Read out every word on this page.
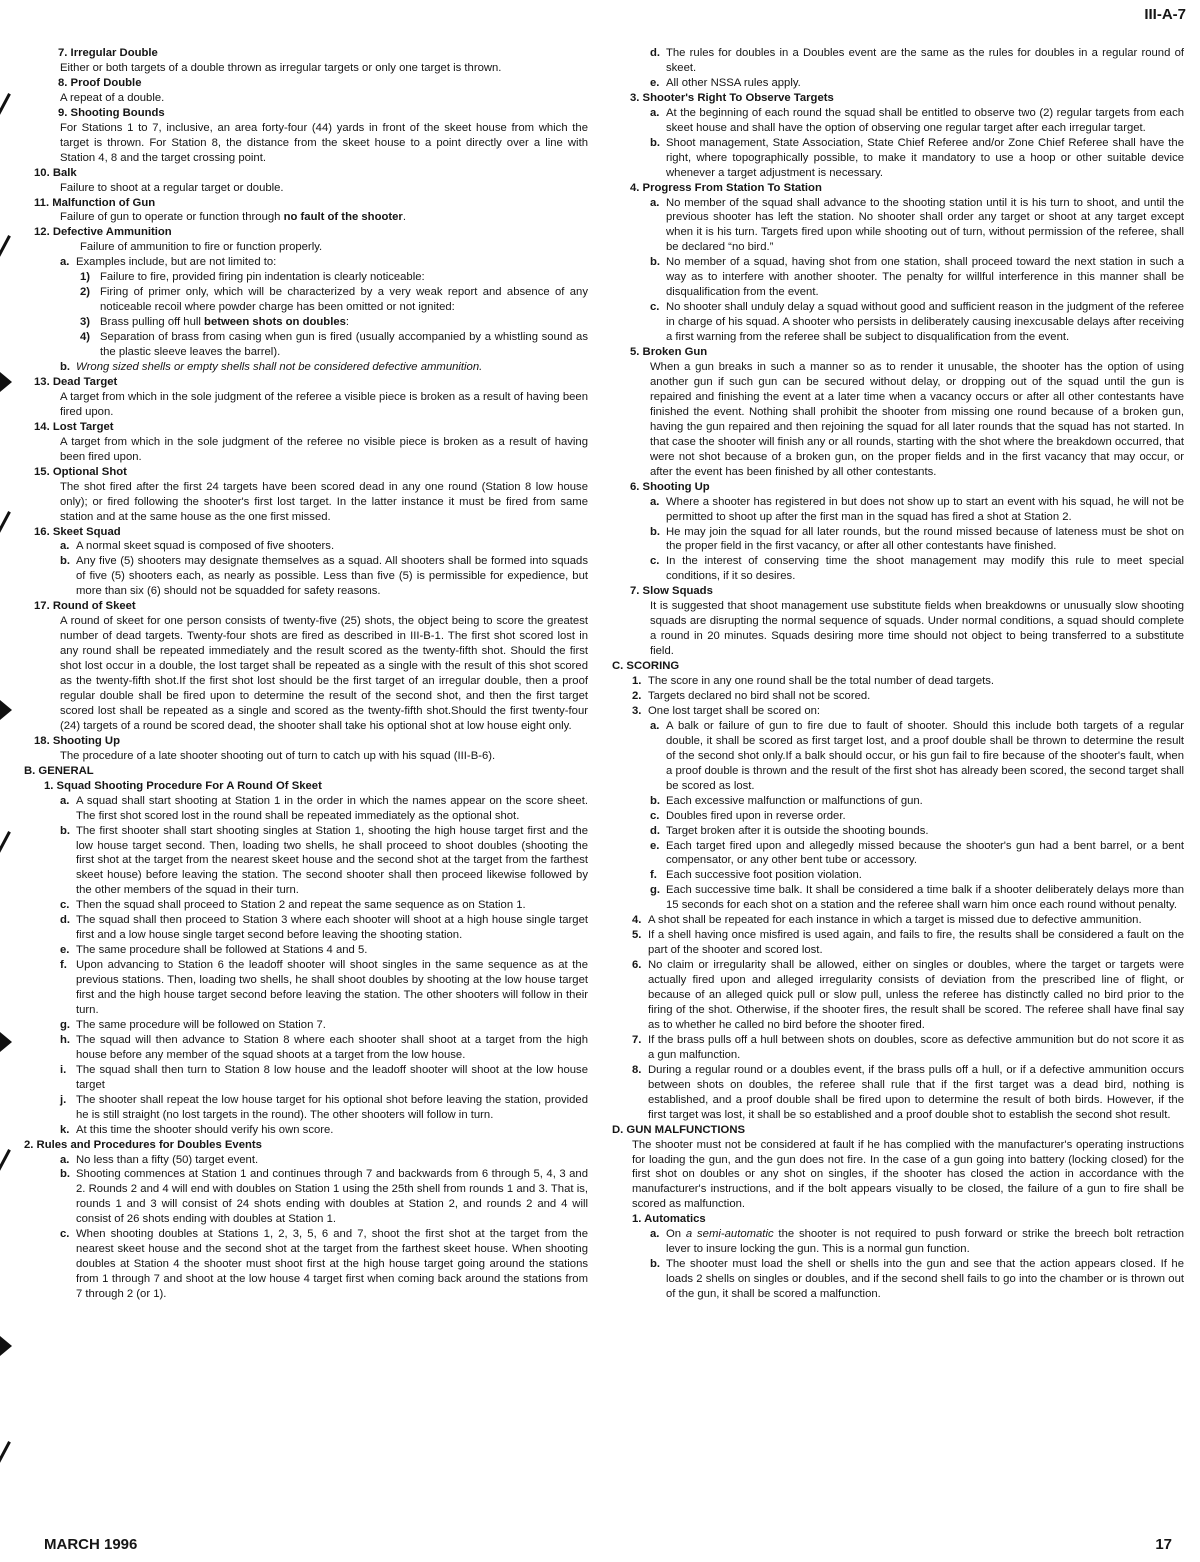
III-A-7
7. Irregular Double
Either or both targets of a double thrown as irregular targets or only one target is thrown.
8. Proof Double
A repeat of a double.
9. Shooting Bounds
For Stations 1 to 7, inclusive, an area forty-four (44) yards in front of the skeet house from which the target is thrown. For Station 8, the distance from the skeet house to a point directly over a line with Station 4, 8 and the target crossing point.
10. Balk
Failure to shoot at a regular target or double.
11. Malfunction of Gun
Failure of gun to operate or function through no fault of the shooter.
12. Defective Ammunition
Failure of ammunition to fire or function properly.
a. Examples include, but are not limited to:
1) Failure to fire, provided firing pin indentation is clearly noticeable:
2) Firing of primer only, which will be characterized by a very weak report and absence of any noticeable recoil where powder charge has been omitted or not ignited:
3) Brass pulling off hull between shots on doubles:
4) Separation of brass from casing when gun is fired (usually accompanied by a whistling sound as the plastic sleeve leaves the barrel).
b. Wrong sized shells or empty shells shall not be considered defective ammunition.
13. Dead Target
A target from which in the sole judgment of the referee a visible piece is broken as a result of having been fired upon.
14. Lost Target
A target from which in the sole judgment of the referee no visible piece is broken as a result of having been fired upon.
15. Optional Shot
The shot fired after the first 24 targets have been scored dead in any one round (Station 8 low house only); or fired following the shooter's first lost target. In the latter instance it must be fired from same station and at the same house as the one first missed.
16. Skeet Squad
a. A normal skeet squad is composed of five shooters.
b. Any five (5) shooters may designate themselves as a squad. All shooters shall be formed into squads of five (5) shooters each, as nearly as possible. Less than five (5) is permissible for expedience, but more than six (6) should not be squadded for safety reasons.
17. Round of Skeet
A round of skeet for one person consists of twenty-five (25) shots, the object being to score the greatest number of dead targets. Twenty-four shots are fired as described in III-B-1. The first shot scored lost in any round shall be repeated immediately and the result scored as the twenty-fifth shot. Should the first shot lost occur in a double, the lost target shall be repeated as a single with the result of this shot scored as the twenty-fifth shot.If the first shot lost should be the first target of an irregular double, then a proof regular double shall be fired upon to determine the result of the second shot, and then the first target scored lost shall be repeated as a single and scored as the twenty-fifth shot.Should the first twenty-four (24) targets of a round be scored dead, the shooter shall take his optional shot at low house eight only.
18. Shooting Up
The procedure of a late shooter shooting out of turn to catch up with his squad (III-B-6).
B. GENERAL
1. Squad Shooting Procedure For A Round Of Skeet
a. A squad shall start shooting at Station 1 in the order in which the names appear on the score sheet. The first shot scored lost in the round shall be repeated immediately as the optional shot.
b. The first shooter shall start shooting singles at Station 1, shooting the high house target first and the low house target second. Then, loading two shells, he shall proceed to shoot doubles (shooting the first shot at the target from the nearest skeet house and the second shot at the target from the farthest skeet house) before leaving the station. The second shooter shall then proceed likewise followed by the other members of the squad in their turn.
c. Then the squad shall proceed to Station 2 and repeat the same sequence as on Station 1.
d. The squad shall then proceed to Station 3 where each shooter will shoot at a high house single target first and a low house single target second before leaving the shooting station.
e. The same procedure shall be followed at Stations 4 and 5.
f. Upon advancing to Station 6 the leadoff shooter will shoot singles in the same sequence as at the previous stations. Then, loading two shells, he shall shoot doubles by shooting at the low house target first and the high house target second before leaving the station. The other shooters will follow in their turn.
g. The same procedure will be followed on Station 7.
h. The squad will then advance to Station 8 where each shooter shall shoot at a target from the high house before any member of the squad shoots at a target from the low house.
i. The squad shall then turn to Station 8 low house and the leadoff shooter will shoot at the low house target
j. The shooter shall repeat the low house target for his optional shot before leaving the station, provided he is still straight (no lost targets in the round). The other shooters will follow in turn.
k. At this time the shooter should verify his own score.
2. Rules and Procedures for Doubles Events
a. No less than a fifty (50) target event.
b. Shooting commences at Station 1 and continues through 7 and backwards from 6 through 5, 4, 3 and 2. Rounds 2 and 4 will end with doubles on Station 1 using the 25th shell from rounds 1 and 3. That is, rounds 1 and 3 will consist of 24 shots ending with doubles at Station 2, and rounds 2 and 4 will consist of 26 shots ending with doubles at Station 1.
c. When shooting doubles at Stations 1, 2, 3, 5, 6 and 7, shoot the first shot at the target from the nearest skeet house and the second shot at the target from the farthest skeet house. When shooting doubles at Station 4 the shooter must shoot first at the high house target going around the stations from 1 through 7 and shoot at the low house 4 target first when coming back around the stations from 7 through 2 (or 1).
d. The rules for doubles in a Doubles event are the same as the rules for doubles in a regular round of skeet.
e. All other NSSA rules apply.
3. Shooter's Right To Observe Targets
a. At the beginning of each round the squad shall be entitled to observe two (2) regular targets from each skeet house and shall have the option of observing one regular target after each irregular target.
b. Shoot management, State Association, State Chief Referee and/or Zone Chief Referee shall have the right, where topographically possible, to make it mandatory to use a hoop or other suitable device whenever a target adjustment is necessary.
4. Progress From Station To Station
a. No member of the squad shall advance to the shooting station until it is his turn to shoot, and until the previous shooter has left the station. No shooter shall order any target or shoot at any target except when it is his turn. Targets fired upon while shooting out of turn, without permission of the referee, shall be declared “no bird.”
b. No member of a squad, having shot from one station, shall proceed toward the next station in such a way as to interfere with another shooter. The penalty for willful interference in this manner shall be disqualification from the event.
c. No shooter shall unduly delay a squad without good and sufficient reason in the judgment of the referee in charge of his squad. A shooter who persists in deliberately causing inexcusable delays after receiving a first warning from the referee shall be subject to disqualification from the event.
5. Broken Gun
When a gun breaks in such a manner so as to render it unusable, the shooter has the option of using another gun if such gun can be secured without delay, or dropping out of the squad until the gun is repaired and finishing the event at a later time when a vacancy occurs or after all other contestants have finished the event. Nothing shall prohibit the shooter from missing one round because of a broken gun, having the gun repaired and then rejoining the squad for all later rounds that the squad has not started. In that case the shooter will finish any or all rounds, starting with the shot where the breakdown occurred, that were not shot because of a broken gun, on the proper fields and in the first vacancy that may occur, or after the event has been finished by all other contestants.
6. Shooting Up
a. Where a shooter has registered in but does not show up to start an event with his squad, he will not be permitted to shoot up after the first man in the squad has fired a shot at Station 2.
b. He may join the squad for all later rounds, but the round missed because of lateness must be shot on the proper field in the first vacancy, or after all other contestants have finished.
c. In the interest of conserving time the shoot management may modify this rule to meet special conditions, if it so desires.
7. Slow Squads
It is suggested that shoot management use substitute fields when breakdowns or unusually slow shooting squads are disrupting the normal sequence of squads. Under normal conditions, a squad should complete a round in 20 minutes. Squads desiring more time should not object to being transferred to a substitute field.
C. SCORING
1. The score in any one round shall be the total number of dead targets.
2. Targets declared no bird shall not be scored.
3. One lost target shall be scored on:
a. A balk or failure of gun to fire due to fault of shooter. Should this include both targets of a regular double, it shall be scored as first target lost, and a proof double shall be thrown to determine the result of the second shot only.If a balk should occur, or his gun fail to fire because of the shooter's fault, when a proof double is thrown and the result of the first shot has already been scored, the second target shall be scored as lost.
b. Each excessive malfunction or malfunctions of gun.
c. Doubles fired upon in reverse order.
d. Target broken after it is outside the shooting bounds.
e. Each target fired upon and allegedly missed because the shooter's gun had a bent barrel, or a bent compensator, or any other bent tube or accessory.
f. Each successive foot position violation.
g. Each successive time balk. It shall be considered a time balk if a shooter deliberately delays more than 15 seconds for each shot on a station and the referee shall warn him once each round without penalty.
4. A shot shall be repeated for each instance in which a target is missed due to defective ammunition.
5. If a shell having once misfired is used again, and fails to fire, the results shall be considered a fault on the part of the shooter and scored lost.
6. No claim or irregularity shall be allowed, either on singles or doubles, where the target or targets were actually fired upon and alleged irregularity consists of deviation from the prescribed line of flight, or because of an alleged quick pull or slow pull, unless the referee has distinctly called no bird prior to the firing of the shot. Otherwise, if the shooter fires, the result shall be scored. The referee shall have final say as to whether he called no bird before the shooter fired.
7. If the brass pulls off a hull between shots on doubles, score as defective ammunition but do not score it as a gun malfunction.
8. During a regular round or a doubles event, if the brass pulls off a hull, or if a defective ammunition occurs between shots on doubles, the referee shall rule that if the first target was a dead bird, nothing is established, and a proof double shall be fired upon to determine the result of both birds. However, if the first target was lost, it shall be so established and a proof double shot to establish the second shot result.
D. GUN MALFUNCTIONS
The shooter must not be considered at fault if he has complied with the manufacturer's operating instructions for loading the gun, and the gun does not fire. In the case of a gun going into battery (locking closed) for the first shot on doubles or any shot on singles, if the shooter has closed the action in accordance with the manufacturer's instructions, and if the bolt appears visually to be closed, the failure of a gun to fire shall be scored as malfunction.
1. Automatics
a. On a semi-automatic the shooter is not required to push forward or strike the breech bolt retraction lever to insure locking the gun. This is a normal gun function.
b. The shooter must load the shell or shells into the gun and see that the action appears closed. If he loads 2 shells on singles or doubles, and if the second shell fails to go into the chamber or is thrown out of the gun, it shall be scored a malfunction.
MARCH 1996	17
